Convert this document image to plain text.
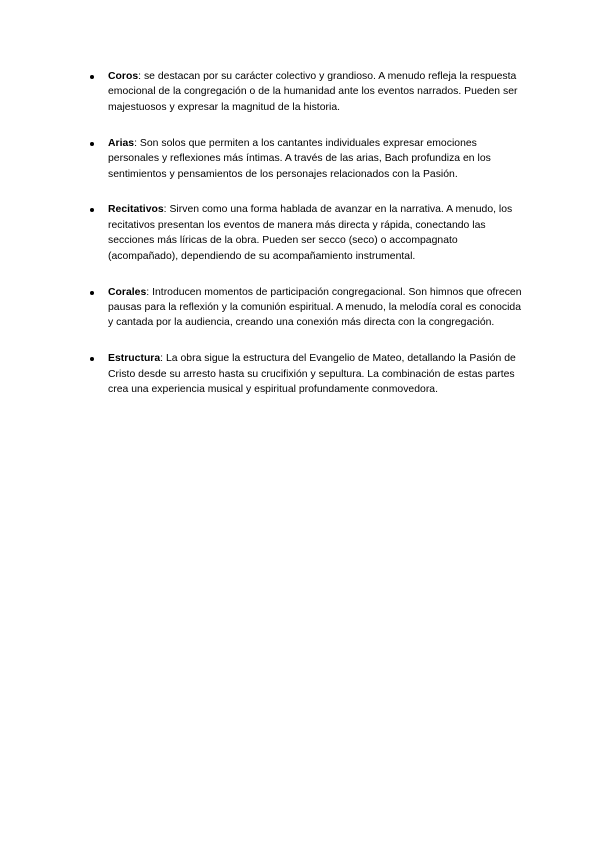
Coros: se destacan por su carácter colectivo y grandioso. A menudo refleja la respuesta emocional de la congregación o de la humanidad ante los eventos narrados. Pueden ser majestuosos y expresar la magnitud de la historia.
Arias: Son solos que permiten a los cantantes individuales expresar emociones personales y reflexiones más íntimas. A través de las arias, Bach profundiza en los sentimientos y pensamientos de los personajes relacionados con la Pasión.
Recitativos: Sirven como una forma hablada de avanzar en la narrativa. A menudo, los recitativos presentan los eventos de manera más directa y rápida, conectando las secciones más líricas de la obra. Pueden ser secco (seco) o accompagnato (acompañado), dependiendo de su acompañamiento instrumental.
Corales: Introducen momentos de participación congregacional. Son himnos que ofrecen pausas para la reflexión y la comunión espiritual. A menudo, la melodía coral es conocida y cantada por la audiencia, creando una conexión más directa con la congregación.
Estructura: La obra sigue la estructura del Evangelio de Mateo, detallando la Pasión de Cristo desde su arresto hasta su crucifixión y sepultura. La combinación de estas partes crea una experiencia musical y espiritual profundamente conmovedora.
